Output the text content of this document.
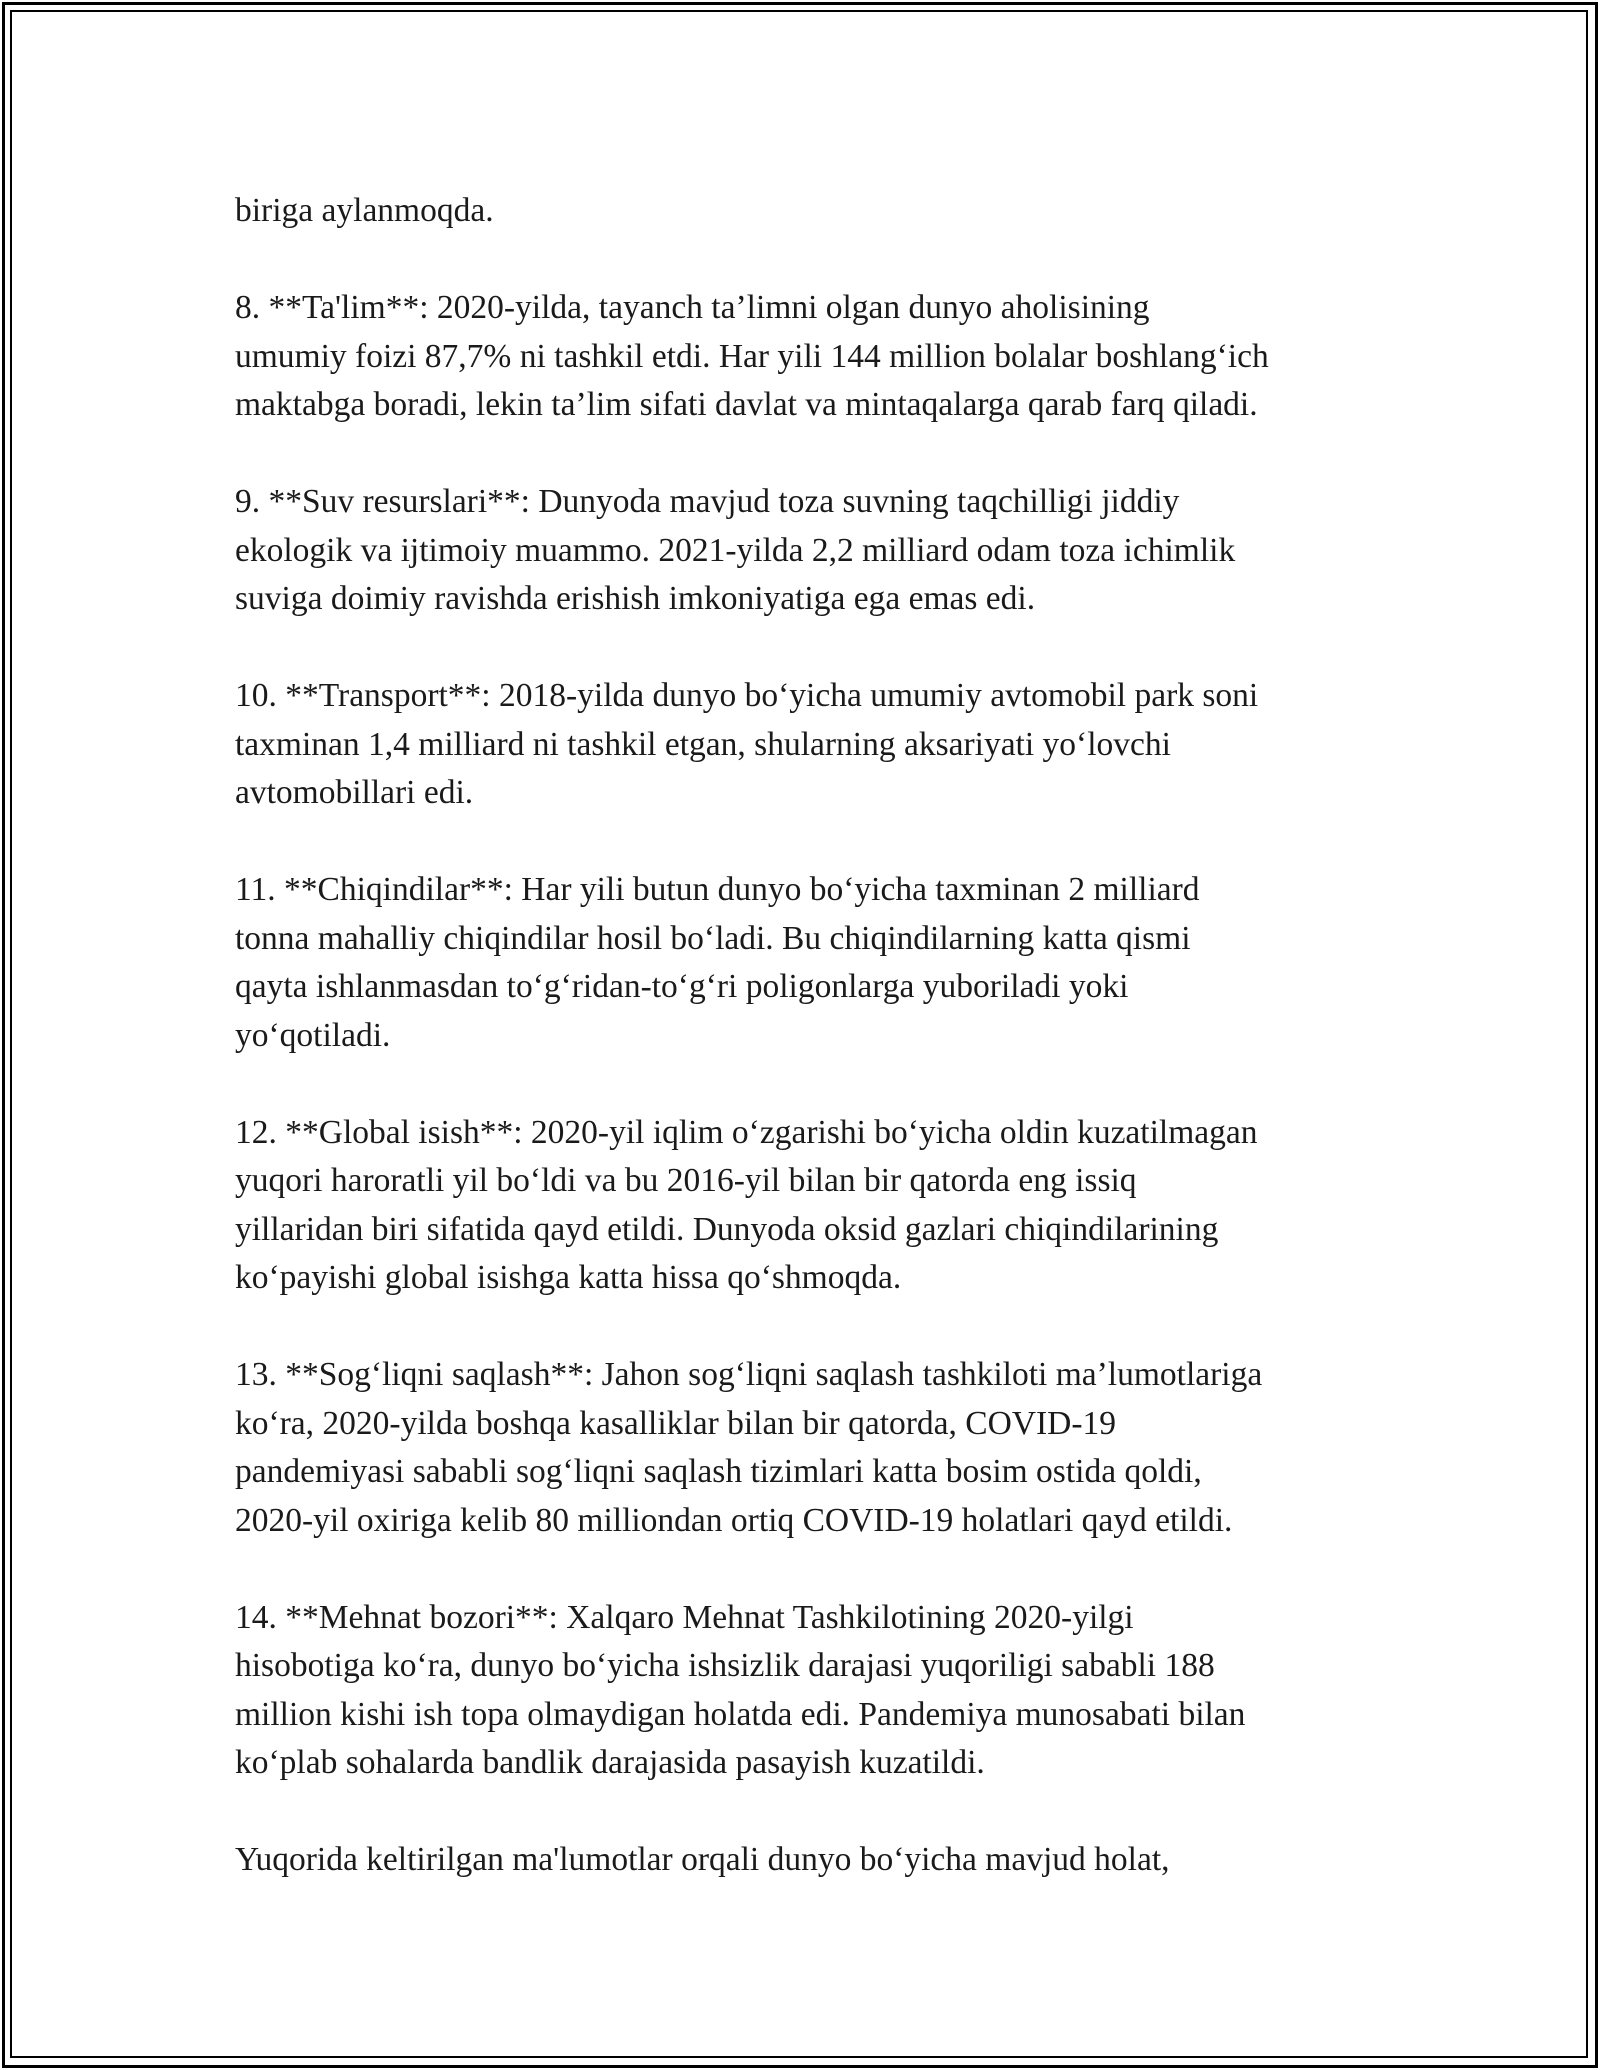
biriga aylanmoqda.

8. **Ta'lim**: 2020-yilda, tayanch ta’limni olgan dunyo aholisining
umumiy foizi 87,7% ni tashkil etdi. Har yili 144 million bolalar boshlang‘ich
maktabga boradi, lekin ta’lim sifati davlat va mintaqalarga qarab farq qiladi.

9. **Suv resurslari**: Dunyoda mavjud toza suvning taqchilligi jiddiy
ekologik va ijtimoiy muammo. 2021-yilda 2,2 milliard odam toza ichimlik
suviga doimiy ravishda erishish imkoniyatiga ega emas edi.

10. **Transport**: 2018-yilda dunyo bo‘yicha umumiy avtomobil park soni
taxminan 1,4 milliard ni tashkil etgan, shularning aksariyati yo‘lovchi
avtomobillari edi.

11. **Chiqindilar**: Har yili butun dunyo bo‘yicha taxminan 2 milliard
tonna mahalliy chiqindilar hosil bo‘ladi. Bu chiqindilarning katta qismi
qayta ishlanmasdan to‘g‘ridan-to‘g‘ri poligonlarga yuboriladi yoki
yo‘qotiladi.

12. **Global isish**: 2020-yil iqlim o‘zgarishi bo‘yicha oldin kuzatilmagan
yuqori haroratli yil bo‘ldi va bu 2016-yil bilan bir qatorda eng issiq
yillaridan biri sifatida qayd etildi. Dunyoda oksid gazlari chiqindilarining
ko‘payishi global isishga katta hissa qo‘shmoqda.

13. **Sog‘liqni saqlash**: Jahon sog‘liqni saqlash tashkiloti ma’lumotlariga
ko‘ra, 2020-yilda boshqa kasalliklar bilan bir qatorda, COVID-19
pandemiyasi sababli sog‘liqni saqlash tizimlari katta bosim ostida qoldi,
2020-yil oxiriga kelib 80 milliondan ortiq COVID-19 holatlari qayd etildi.

14. **Mehnat bozori**: Xalqaro Mehnat Tashkilotining 2020-yilgi
hisobotiga ko‘ra, dunyo bo‘yicha ishsizlik darajasi yuqoriligi sababli 188
million kishi ish topa olmaydigan holatda edi. Pandemiya munosabati bilan
ko‘plab sohalarda bandlik darajasida pasayish kuzatildi.

Yuqorida keltirilgan ma'lumotlar orqali dunyo bo‘yicha mavjud holat,
